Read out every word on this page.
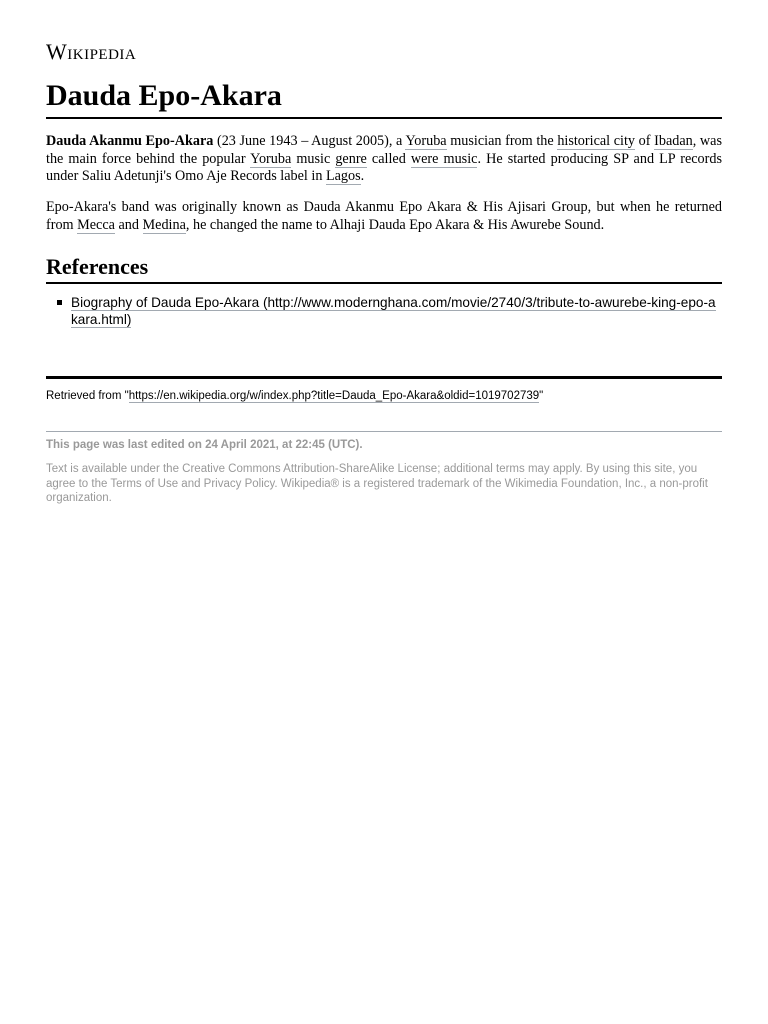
Wikipedia
Dauda Epo-Akara

Dauda Akanmu Epo-Akara (23 June 1943 – August 2005), a Yoruba musician from the historical city of Ibadan, was the main force behind the popular Yoruba music genre called were music. He started producing SP and LP records under Saliu Adetunji's Omo Aje Records label in Lagos.

Epo-Akara's band was originally known as Dauda Akanmu Epo Akara & His Ajisari Group, but when he returned from Mecca and Medina, he changed the name to Alhaji Dauda Epo Akara & His Awurebe Sound.

References
Biography of Dauda Epo-Akara (http://www.modernghana.com/movie/2740/3/tribute-to-awurebe-king-epo-akara.html)
Retrieved from "https://en.wikipedia.org/w/index.php?title=Dauda_Epo-Akara&oldid=1019702739"
This page was last edited on 24 April 2021, at 22:45 (UTC).

Text is available under the Creative Commons Attribution-ShareAlike License; additional terms may apply. By using this site, you agree to the Terms of Use and Privacy Policy. Wikipedia® is a registered trademark of the Wikimedia Foundation, Inc., a non-profit organization.
